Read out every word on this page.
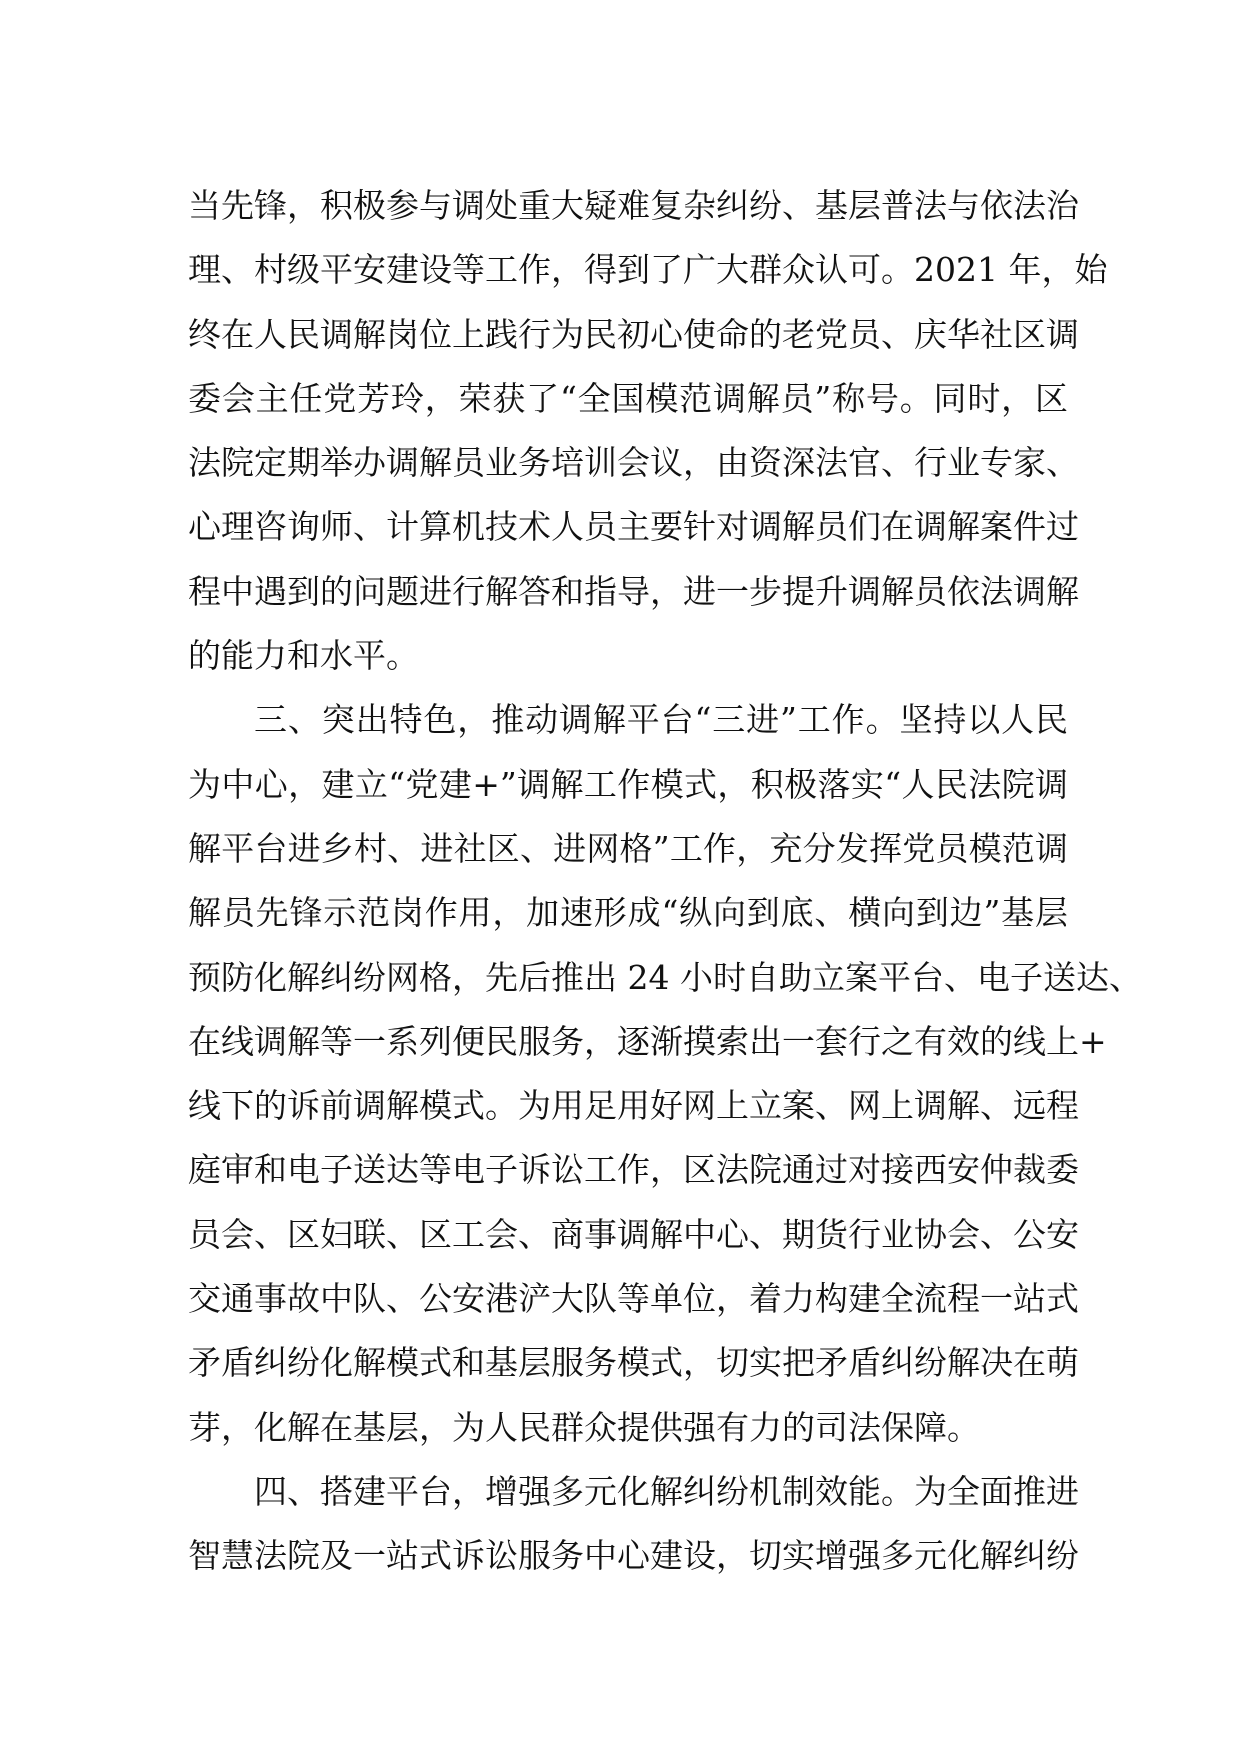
当先锋，积极参与调处重大疑难复杂纠纷、基层普法与依法治
理、村级平安建设等工作，得到了广大群众认可。2021 年，始
终在人民调解岗位上践行为民初心使命的老党员、庆华社区调
委会主任党芳玲，荣获了“全国模范调解员”称号。同时，区
法院定期举办调解员业务培训会议，由资深法官、行业专家、
心理咨询师、计算机技术人员主要针对调解员们在调解案件过
程中遇到的问题进行解答和指导，进一步提升调解员依法调解
的能力和水平。
三、突出特色，推动调解平台“三进”工作。坚持以人民
为中心，建立“党建+”调解工作模式，积极落实“人民法院调
解平台进乡村、进社区、进网格”工作，充分发挥党员模范调
解员先锋示范岗作用，加速形成“纵向到底、横向到边”基层
预防化解纠纷网格，先后推出 24 小时自助立案平台、电子送达、
在线调解等一系列便民服务，逐渐摸索出一套行之有效的线上+
线下的诉前调解模式。为用足用好网上立案、网上调解、远程
庭审和电子送达等电子诉讼工作，区法院通过对接西安仲裁委
员会、区妇联、区工会、商事调解中心、期货行业协会、公安
交通事故中队、公安港浐大队等单位，着力构建全流程一站式
矛盾纠纷化解模式和基层服务模式，切实把矛盾纠纷解决在萌
芽，化解在基层，为人民群众提供强有力的司法保障。
四、搭建平台，增强多元化解纠纷机制效能。为全面推进
智慧法院及一站式诉讼服务中心建设，切实增强多元化解纠纷
